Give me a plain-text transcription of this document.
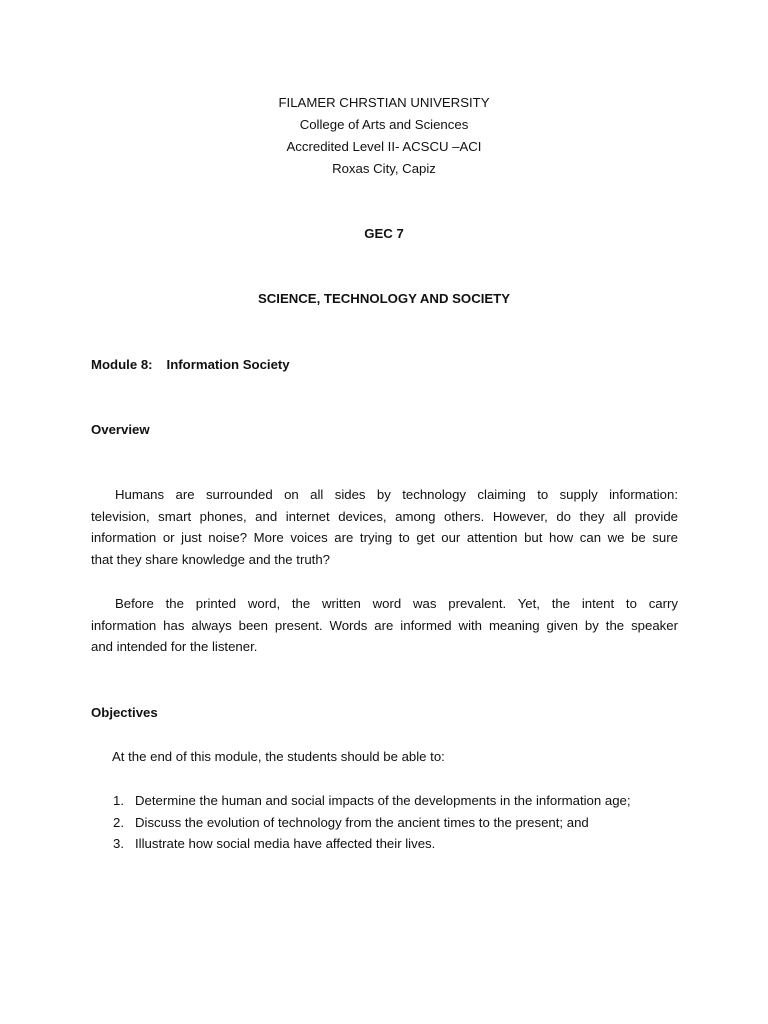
FILAMER CHRSTIAN UNIVERSITY
College of Arts and Sciences
Accredited Level II- ACSCU –ACI
Roxas City, Capiz
GEC 7
SCIENCE, TECHNOLOGY AND SOCIETY
Module 8: Information Society
Overview
Humans are surrounded on all sides by technology claiming to supply information:
television, smart phones, and internet devices, among others. However, do they all provide
information or just noise? More voices are trying to get our attention but how can we be sure
that they share knowledge and the truth?
Before the printed word, the written word was prevalent. Yet, the intent to carry
information has always been present. Words are informed with meaning given by the speaker
and intended for the listener.
Objectives
At the end of this module, the students should be able to:
1. Determine the human and social impacts of the developments in the information age;
2. Discuss the evolution of technology from the ancient times to the present; and
3. Illustrate how social media have affected their lives.
